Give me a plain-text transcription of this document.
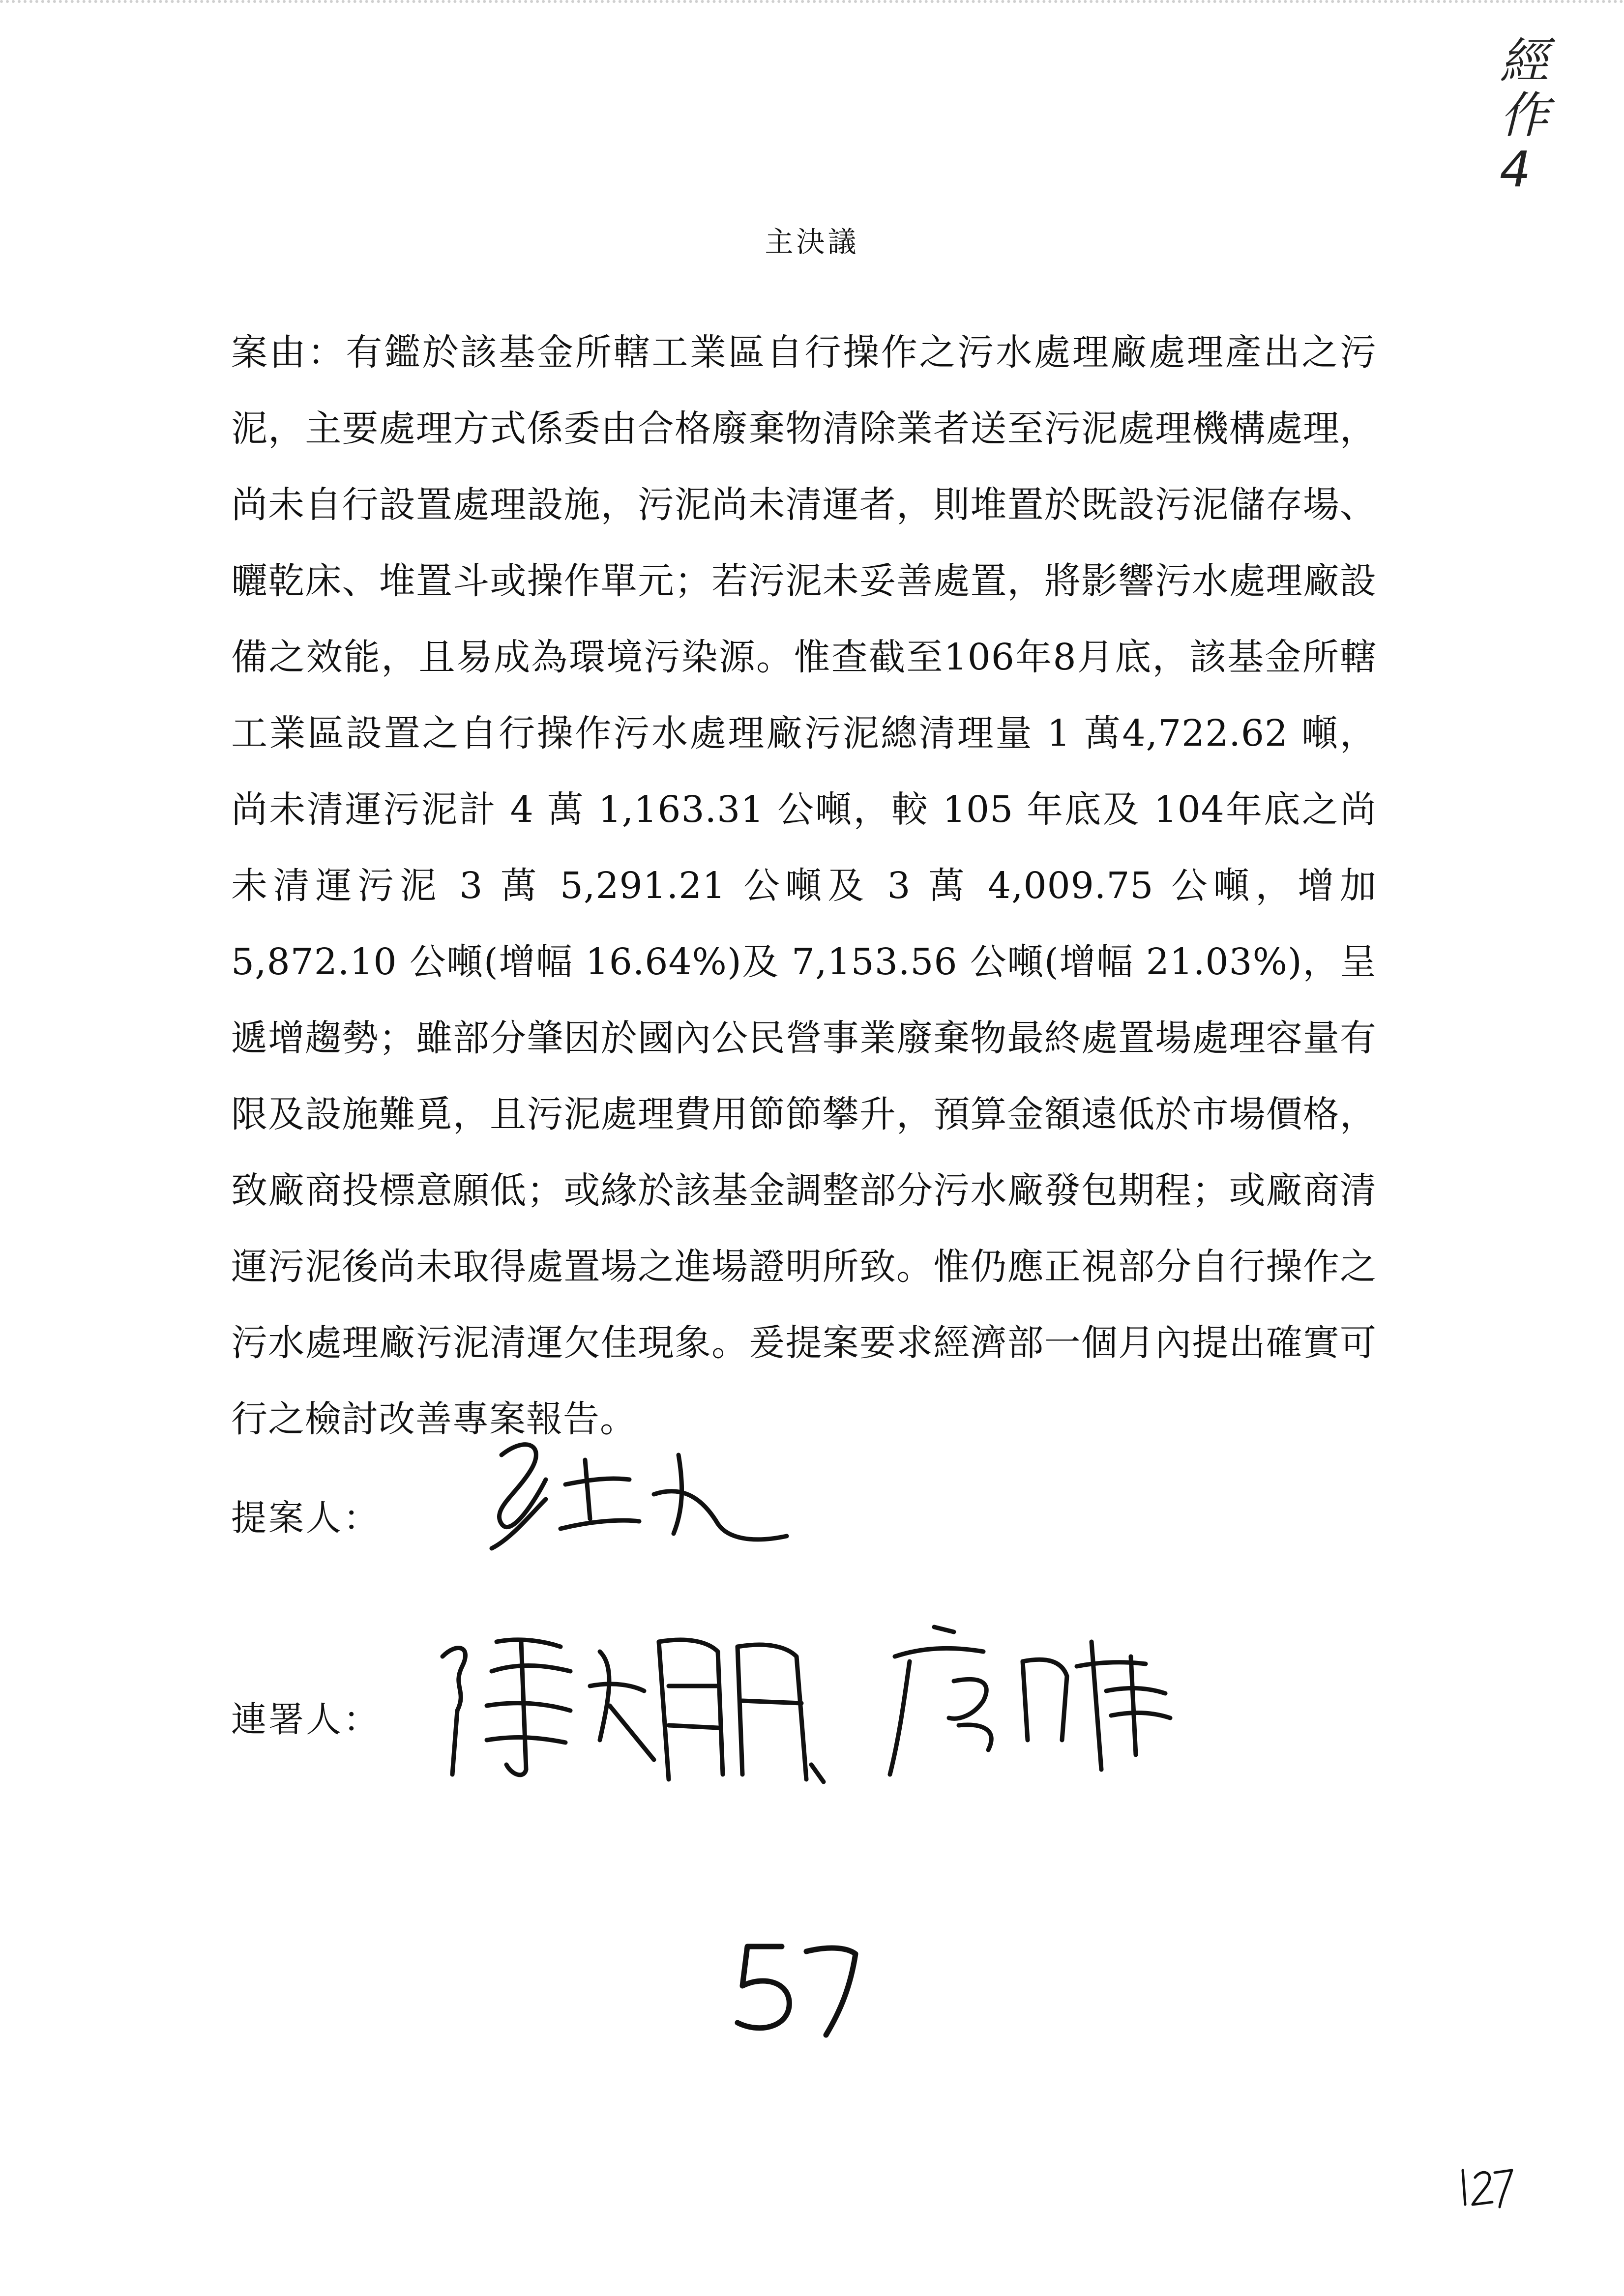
經
作
4
主決議
案由：有鑑於該基金所轄工業區自行操作之污水處理廠處理產出之污泥，主要處理方式係委由合格廢棄物清除業者送至污泥處理機構處理，尚未自行設置處理設施，污泥尚未清運者，則堆置於既設污泥儲存場、曬乾床、堆置斗或操作單元；若污泥未妥善處置，將影響污水處理廠設備之效能，且易成為環境污染源。惟查截至106年8月底，該基金所轄工業區設置之自行操作污水處理廠污泥總清理量 1 萬4,722.62 噸，尚未清運污泥計 4 萬 1,163.31 公噸，較 105 年底及 104年底之尚未清運污泥 3 萬 5,291.21 公噸及 3 萬 4,009.75 公噸，增加5,872.10 公噸(增幅 16.64%)及 7,153.56 公噸(增幅 21.03%)，呈遞增趨勢；雖部分肇因於國內公民營事業廢棄物最終處置場處理容量有限及設施難覓，且污泥處理費用節節攀升，預算金額遠低於市場價格，致廠商投標意願低；或緣於該基金調整部分污水廠發包期程；或廠商清運污泥後尚未取得處置場之進場證明所致。惟仍應正視部分自行操作之污水處理廠污泥清運欠佳現象。爰提案要求經濟部一個月內提出確實可行之檢討改善專案報告。
提案人：
連署人：
